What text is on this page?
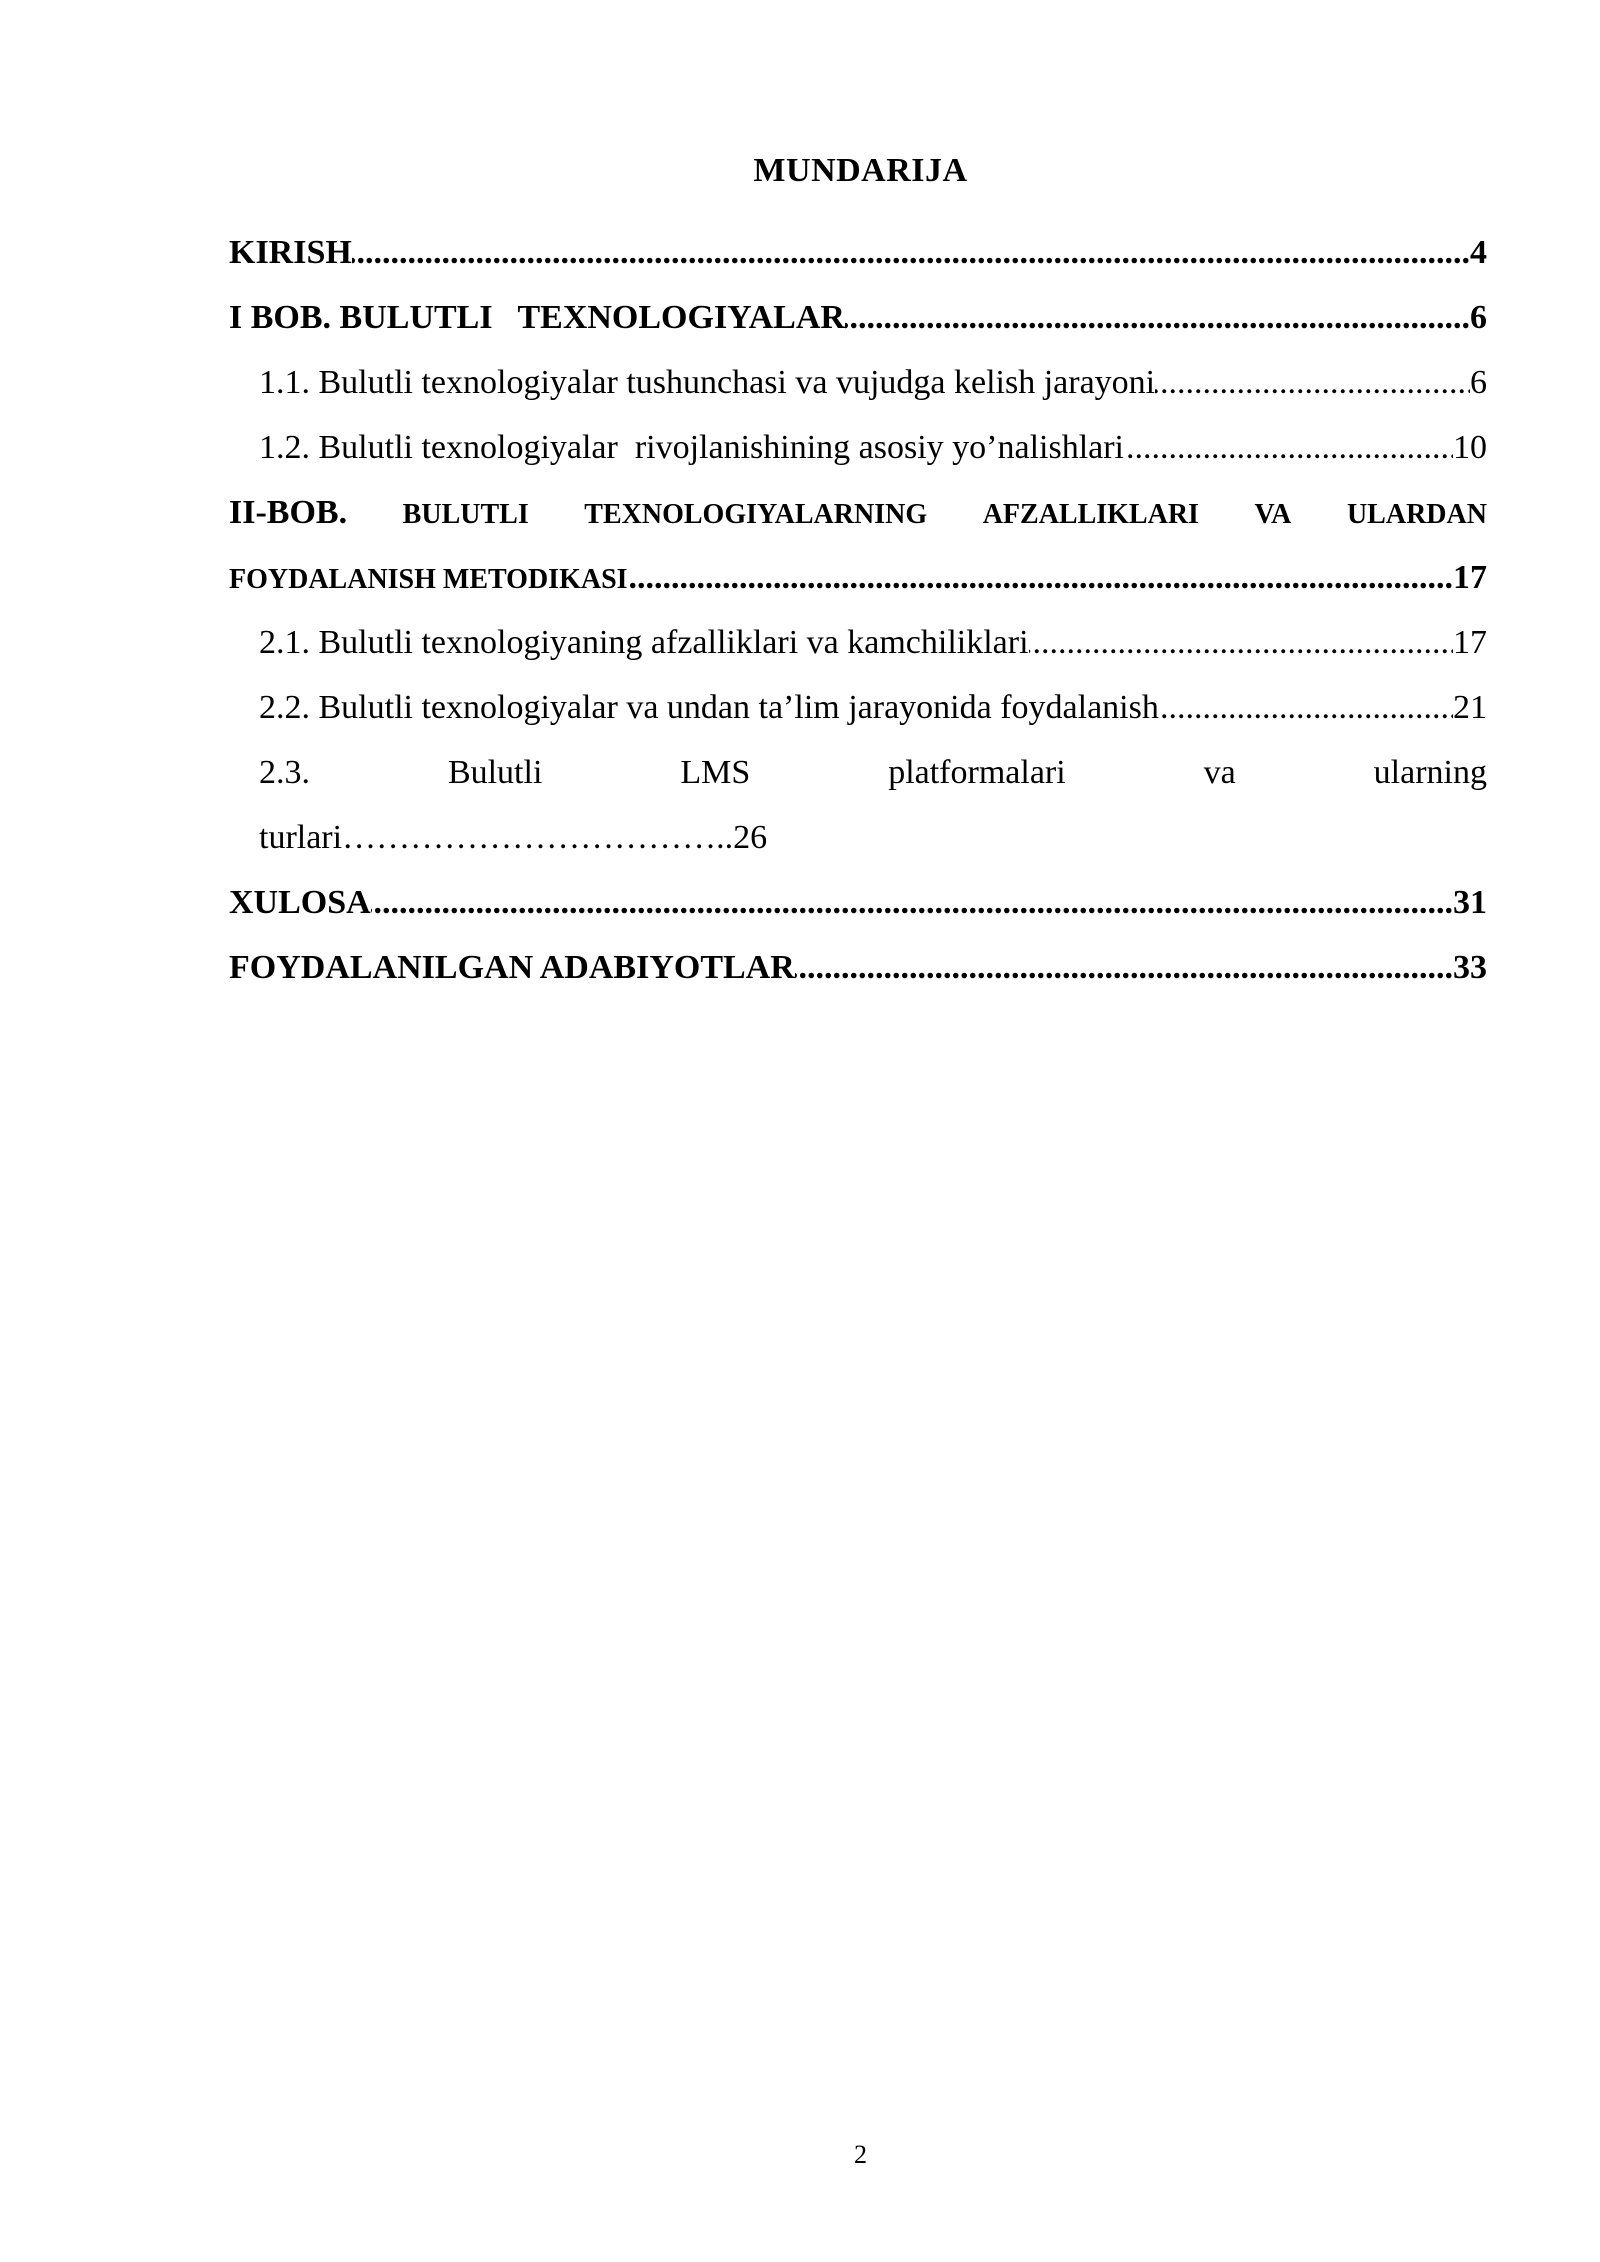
MUNDARIJA
.....
KIRISH	4
.....
I BOB. BULUTLI   TEXNOLOGIYALAR	6
.....
1.1. Bulutli texnologiyalar tushunchasi va vujudga kelish jarayoni	6
.....
1.2. Bulutli texnologiyalar  rivojlanishining asosiy yo’nalishlari	10
II-BOB. BULUTLI TEXNOLOGIYALARNING AFZALLIKLARI VA ULARDAN
.....
FOYDALANISH METODIKASI	17
.....
2.1. Bulutli texnologiyaning afzalliklari va kamchiliklari	17
.....
2.2. Bulutli texnologiyalar va undan ta’lim jarayonida foydalanish	21
2.3.	Bulutli	LMS	platformalari	va	ularning
turlari……………………………..26
.....
XULOSA	31
.....
FOYDALANILGAN ADABIYOTLAR	33
2
